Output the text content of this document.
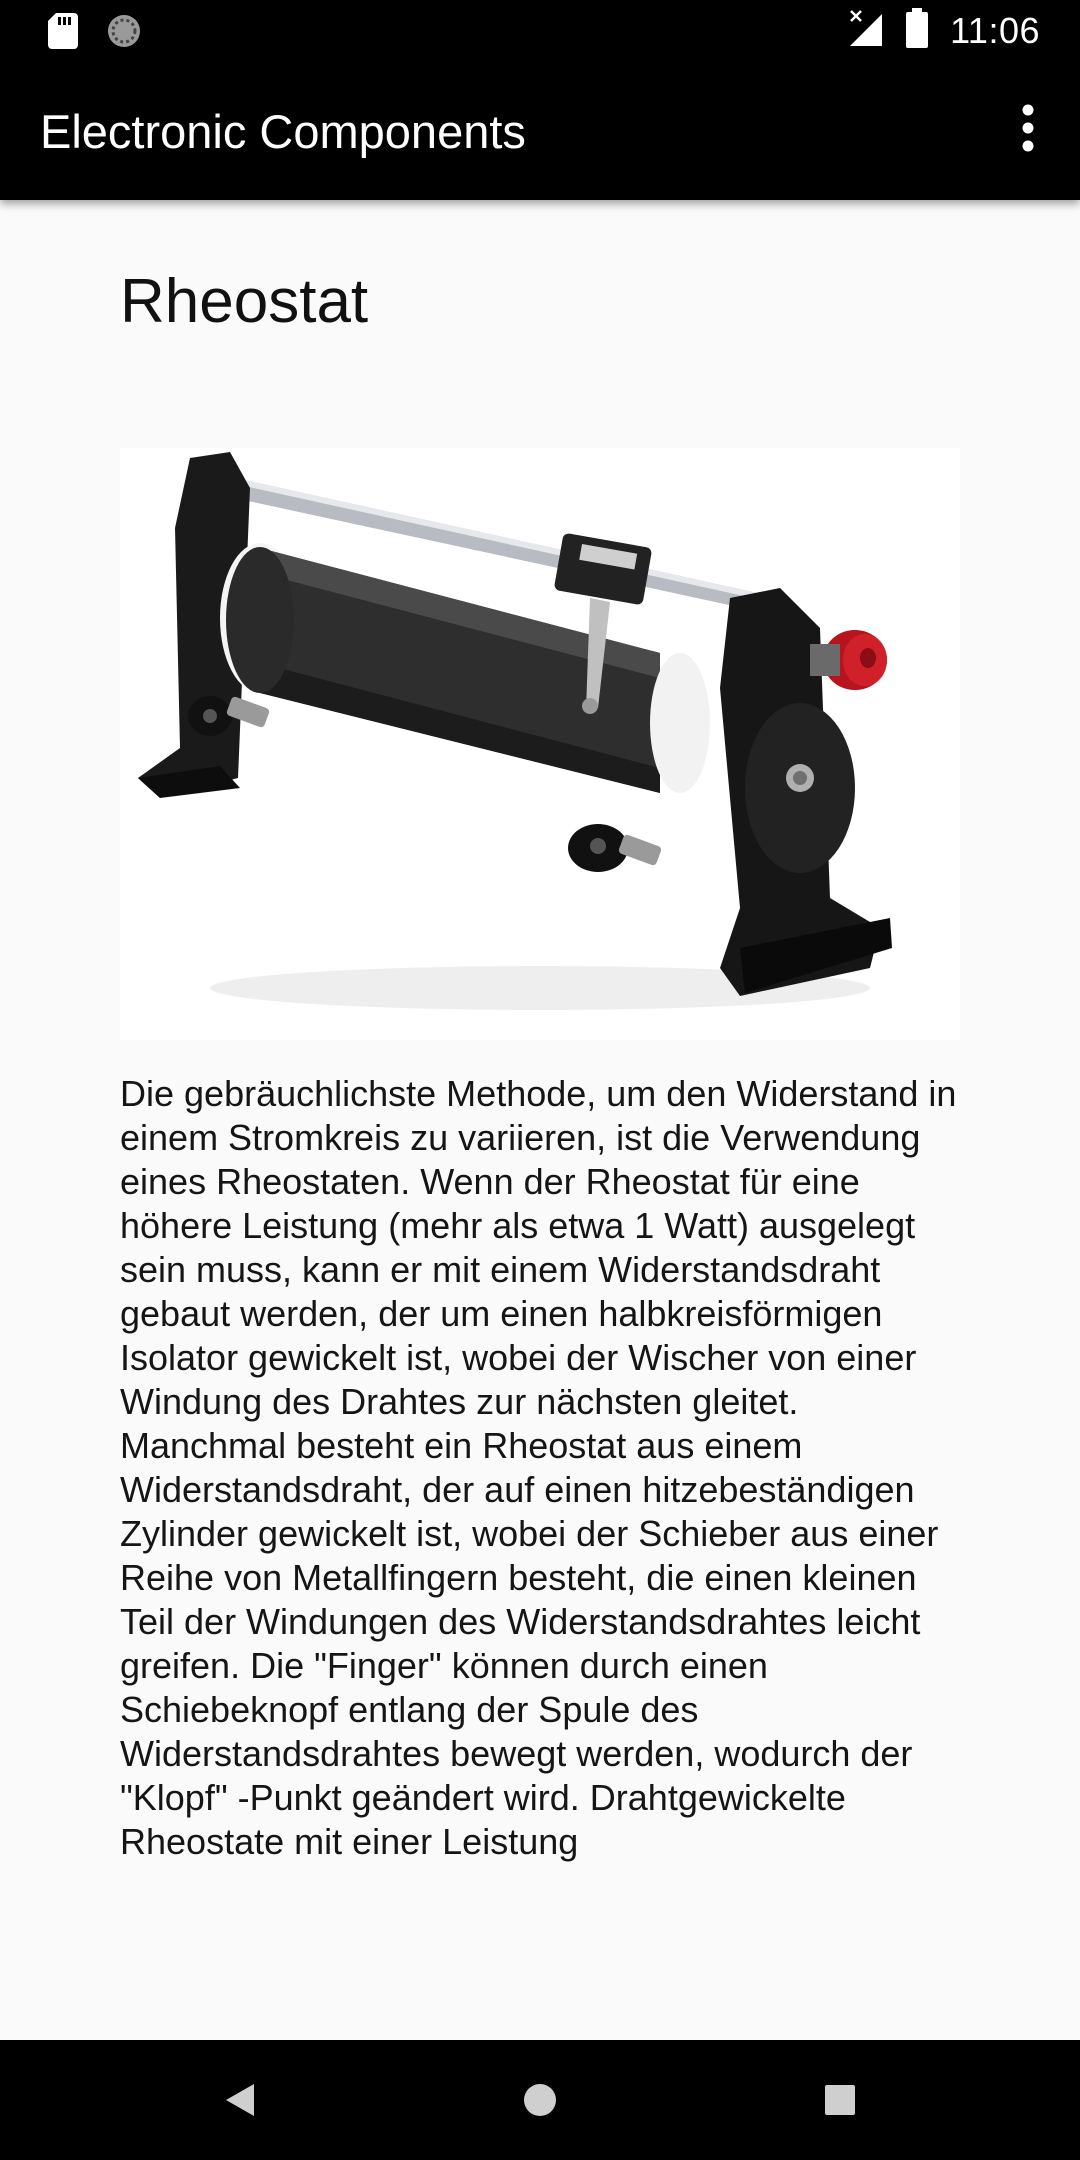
11:06
Electronic Components
Rheostat
Die gebräuchlichste Methode, um den Widerstand in einem Stromkreis zu variieren, ist die Verwendung eines Rheostaten. Wenn der Rheostat für eine höhere Leistung (mehr als etwa 1 Watt) ausgelegt sein muss, kann er mit einem Widerstandsdraht gebaut werden, der um einen halbkreisförmigen Isolator gewickelt ist, wobei der Wischer von einer Windung des Drahtes zur nächsten gleitet. Manchmal besteht ein Rheostat aus einem Widerstandsdraht, der auf einen hitzebeständigen Zylinder gewickelt ist, wobei der Schieber aus einer Reihe von Metallfingern besteht, die einen kleinen Teil der Windungen des Widerstandsdrahtes leicht greifen. Die "Finger" können durch einen Schiebeknopf entlang der Spule des Widerstandsdrahtes bewegt werden, wodurch der "Klopf" -Punkt geändert wird. Drahtgewickelte Rheostate mit einer Leistung
